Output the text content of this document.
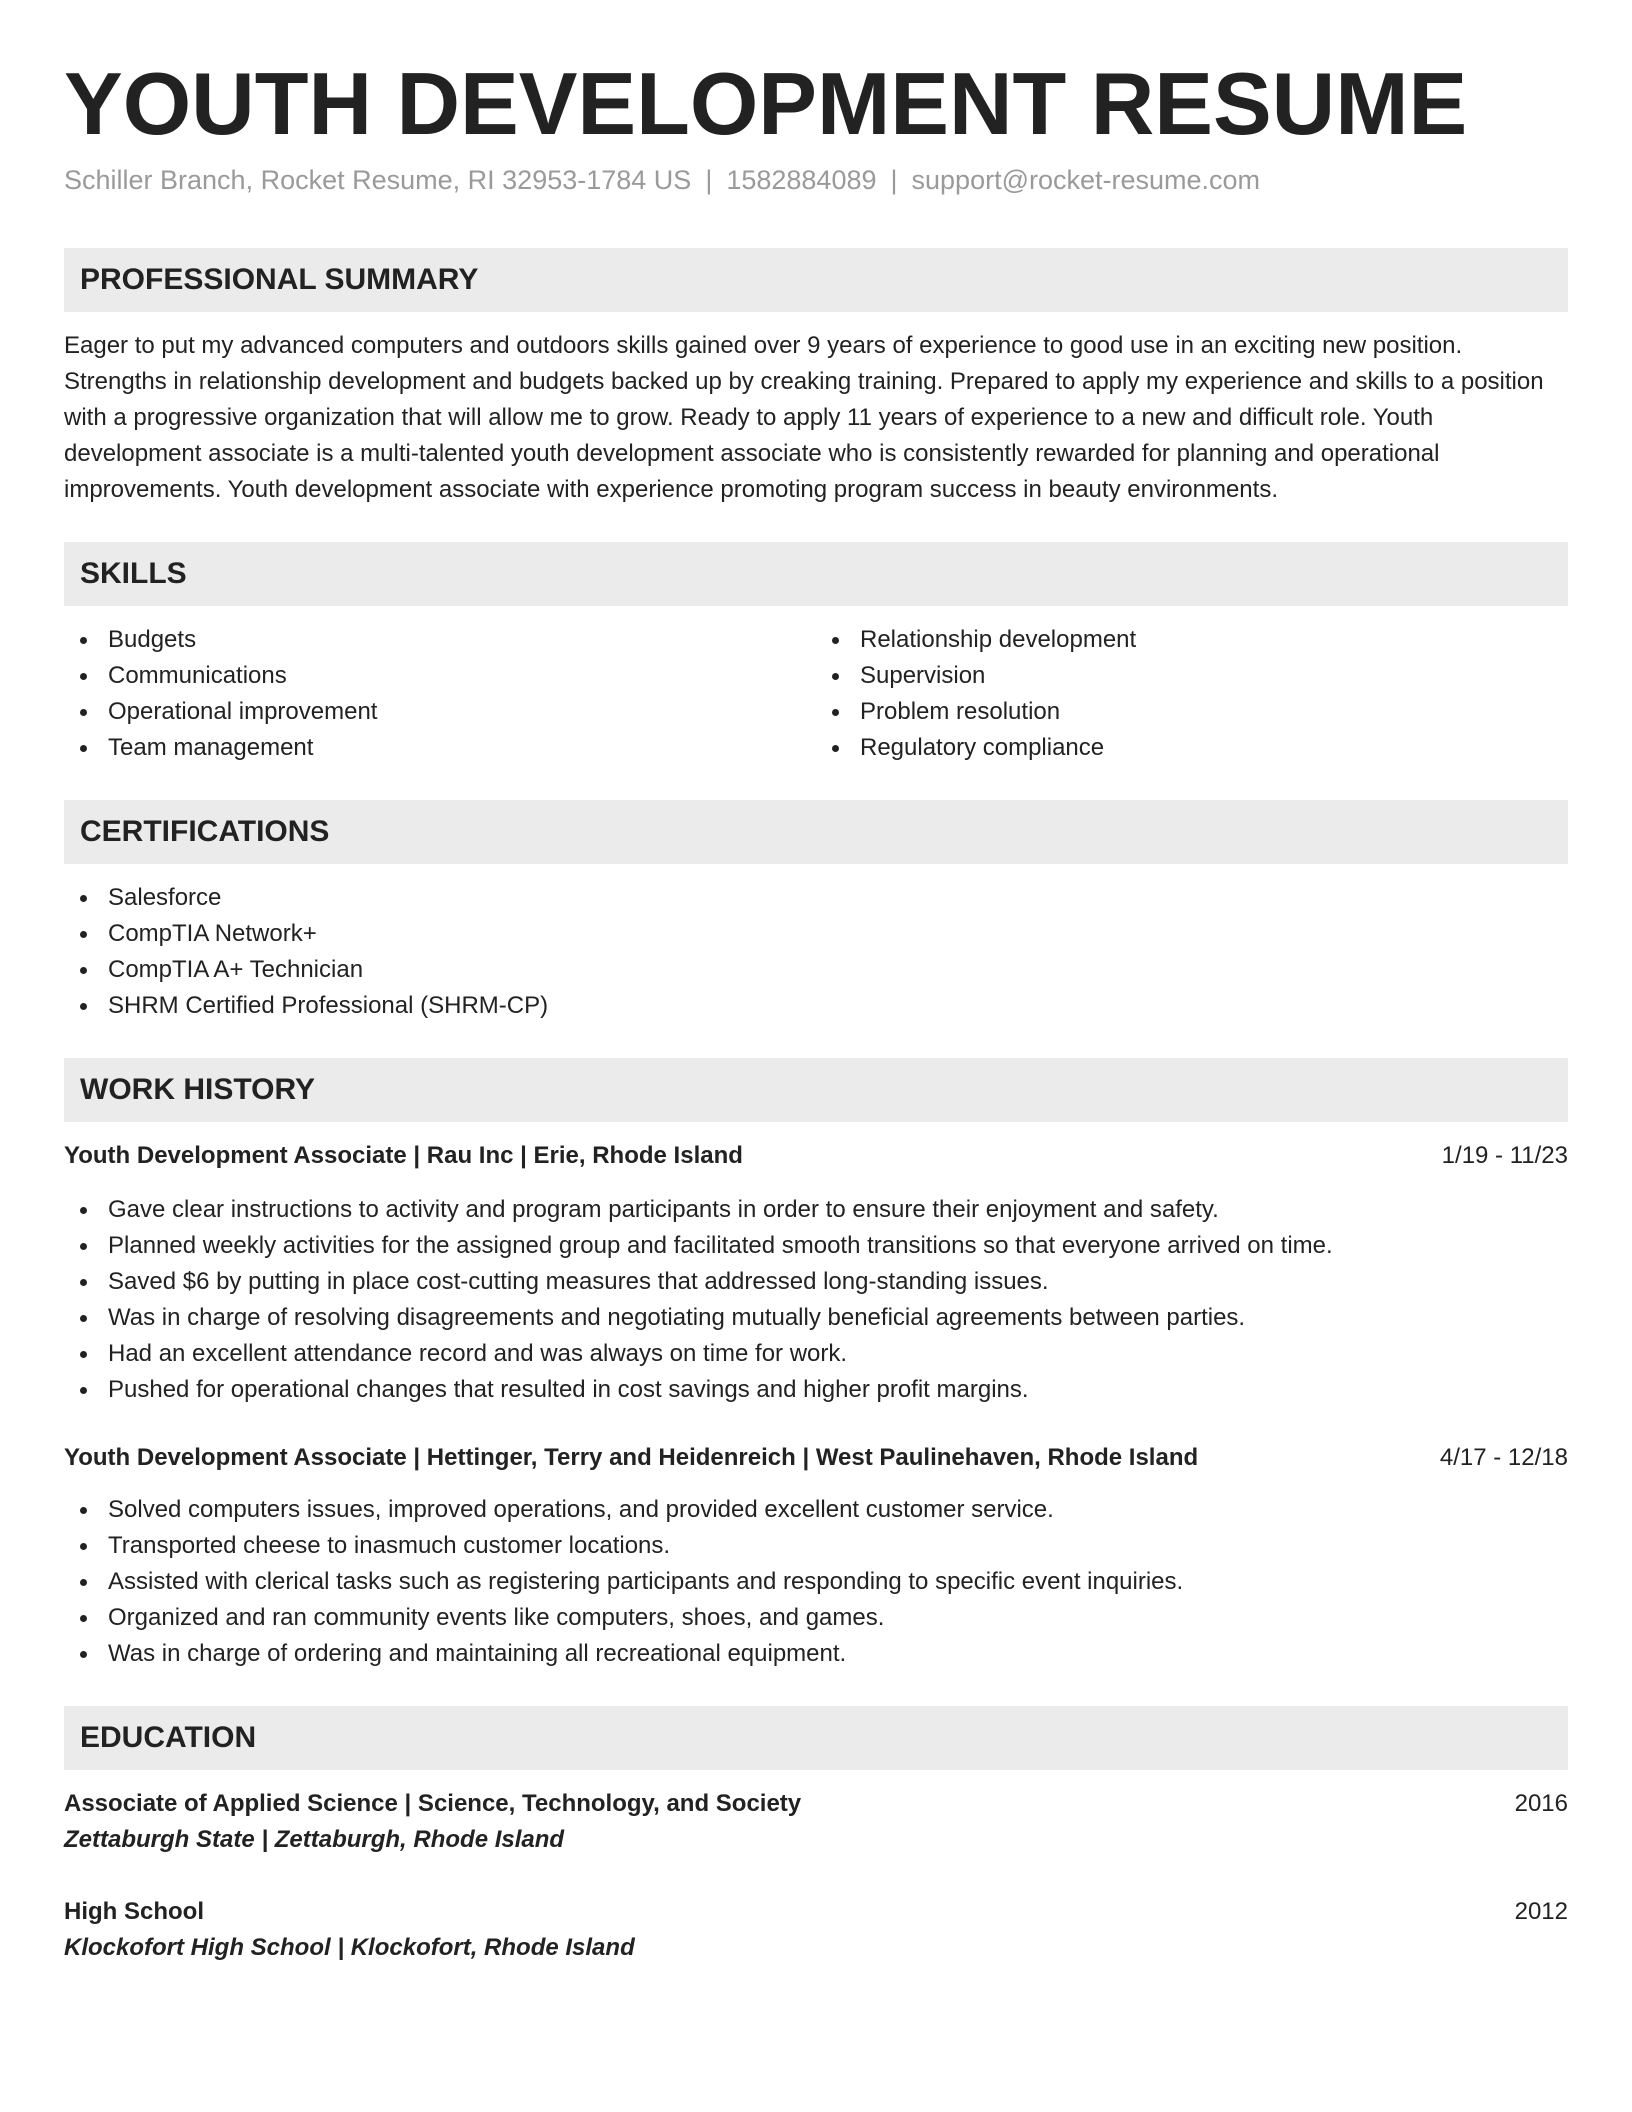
YOUTH DEVELOPMENT RESUME
Schiller Branch, Rocket Resume, RI 32953-1784 US | 1582884089 | support@rocket-resume.com
PROFESSIONAL SUMMARY

Eager to put my advanced computers and outdoors skills gained over 9 years of experience to good use in an exciting new position. Strengths in relationship development and budgets backed up by creaking training. Prepared to apply my experience and skills to a position with a progressive organization that will allow me to grow. Ready to apply 11 years of experience to a new and difficult role. Youth development associate is a multi-talented youth development associate who is consistently rewarded for planning and operational improvements. Youth development associate with experience promoting program success in beauty environments.

SKILLS
Budgets
Communications
Operational improvement
Team management
Relationship development
Supervision
Problem resolution
Regulatory compliance
CERTIFICATIONS
Salesforce
CompTIA Network+
CompTIA A+ Technician
SHRM Certified Professional (SHRM-CP)
WORK HISTORY
Youth Development Associate | Rau Inc | Erie, Rhode Island	1/19 - 11/23
Gave clear instructions to activity and program participants in order to ensure their enjoyment and safety.
Planned weekly activities for the assigned group and facilitated smooth transitions so that everyone arrived on time.
Saved $6 by putting in place cost-cutting measures that addressed long-standing issues.
Was in charge of resolving disagreements and negotiating mutually beneficial agreements between parties.
Had an excellent attendance record and was always on time for work.
Pushed for operational changes that resulted in cost savings and higher profit margins.
Youth Development Associate | Hettinger, Terry and Heidenreich | West Paulinehaven, Rhode Island	4/17 - 12/18
Solved computers issues, improved operations, and provided excellent customer service.
Transported cheese to inasmuch customer locations.
Assisted with clerical tasks such as registering participants and responding to specific event inquiries.
Organized and ran community events like computers, shoes, and games.
Was in charge of ordering and maintaining all recreational equipment.
EDUCATION
Associate of Applied Science | Science, Technology, and Society	2016
Zettaburgh State | Zettaburgh, Rhode Island
High School	2012
Klockofort High School | Klockofort, Rhode Island
